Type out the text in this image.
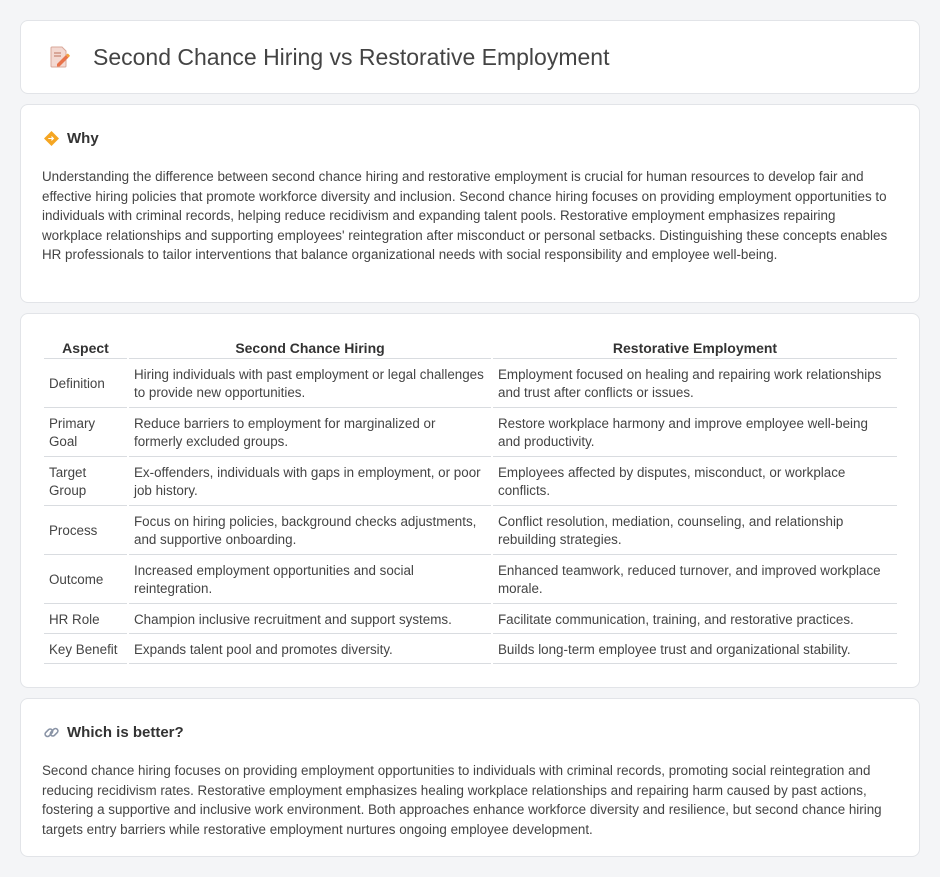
Second Chance Hiring vs Restorative Employment
Why

Understanding the difference between second chance hiring and restorative employment is crucial for human resources to develop fair and effective hiring policies that promote workforce diversity and inclusion. Second chance hiring focuses on providing employment opportunities to individuals with criminal records, helping reduce recidivism and expanding talent pools. Restorative employment emphasizes repairing workplace relationships and supporting employees' reintegration after misconduct or personal setbacks. Distinguishing these concepts enables HR professionals to tailor interventions that balance organizational needs with social responsibility and employee well-being.

Aspect	Second Chance Hiring	Restorative Employment
Definition	Hiring individuals with past employment or legal challenges to provide new opportunities.	Employment focused on healing and repairing work relationships and trust after conflicts or issues.
Primary Goal	Reduce barriers to employment for marginalized or formerly excluded groups.	Restore workplace harmony and improve employee well-being and productivity.
Target Group	Ex-offenders, individuals with gaps in employment, or poor job history.	Employees affected by disputes, misconduct, or workplace conflicts.
Process	Focus on hiring policies, background checks adjustments, and supportive onboarding.	Conflict resolution, mediation, counseling, and relationship rebuilding strategies.
Outcome	Increased employment opportunities and social reintegration.	Enhanced teamwork, reduced turnover, and improved workplace morale.
HR Role	Champion inclusive recruitment and support systems.	Facilitate communication, training, and restorative practices.
Key Benefit	Expands talent pool and promotes diversity.	Builds long-term employee trust and organizational stability.
Which is better?

Second chance hiring focuses on providing employment opportunities to individuals with criminal records, promoting social reintegration and reducing recidivism rates. Restorative employment emphasizes healing workplace relationships and repairing harm caused by past actions, fostering a supportive and inclusive work environment. Both approaches enhance workforce diversity and resilience, but second chance hiring targets entry barriers while restorative employment nurtures ongoing employee development.
